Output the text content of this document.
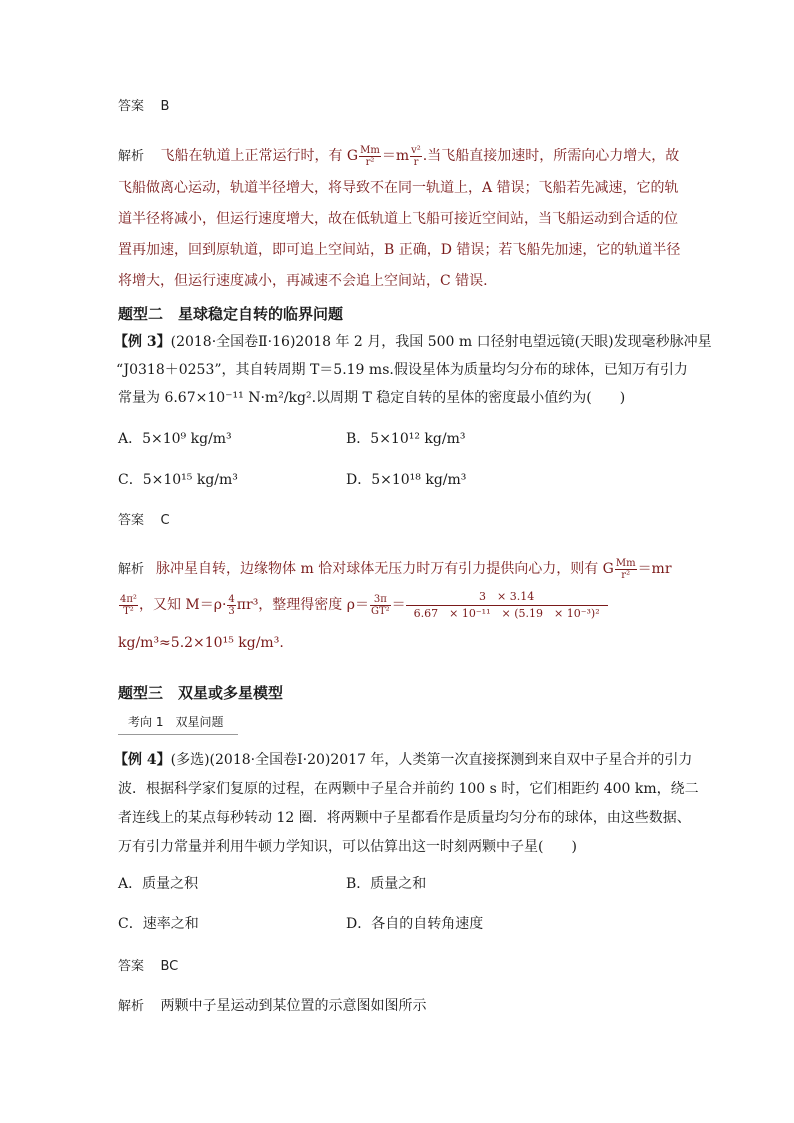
答案 B
解析 飞船在轨道上正常运行时，有 G $\frac{Mm}{\text{r²}} =m \frac{\text{v²}}{r}$ .当飞船直接加速时，所需向心力增大，故
飞船做离心运动，轨道半径增大，将导致不在同一轨道上，A 错误；飞船若先减速，它的轨
道半径将减小，但运行速度增大，故在低轨道上飞船可接近空间站，当飞船运动到合适的位
置再加速，回到原轨道，即可追上空间站，B 正确，D 错误；若飞船先加速，它的轨道半径
将增大，但运行速度减小，再减速不会追上空间站，C 错误.
题型二　星球稳定自转的临界问题
【例 3】(2018·全国卷Ⅱ·16)2018 年 2 月，我国 500 m 口径射电望远镜(天眼)发现毫秒脉冲星
“J0318＋0253”，其自转周期 T＝5.19 ms.假设星体为质量均匀分布的球体，已知万有引力
常量为 6.67×10⁻¹¹ N·m²/kg².以周期 T 稳定自转的星体的密度最小值约为(　　)
A．5×10⁹ kg/m³	B．5×10¹² kg/m³
C．5×10¹⁵ kg/m³	D．5×10¹⁸ kg/m³
答案 C
解析 脉冲星自转，边缘物体 m 恰对球体无压力时万有引力提供向心力，则有 G $\frac{Mm}{\text{r²}} =mr$
$\frac{\text{4π²}}{\text{T²}}$ ，又知 $M=\rho\cdot \frac{4}{3} \pi r^3$，整理得密度 $\rho= \frac{3\pi}{\text{GT²}} = \frac{3 \times 3.14}{\text{6.67　× 10⁻¹¹　× (5.19　× 10⁻³)²}}$
kg/m³≈5.2×10¹⁵ kg/m³.
题型三　双星或多星模型
考向 1　双星问题
【例 4】(多选)(2018·全国卷Ⅰ·20)2017 年，人类第一次直接探测到来自双中子星合并的引力
波．根据科学家们复原的过程，在两颗中子星合并前约 100 s 时，它们相距约 400 km，绕二
者连线上的某点每秒转动 12 圈．将两颗中子星都看作是质量均匀分布的球体，由这些数据、
万有引力常量并利用牛顿力学知识，可以估算出这一时刻两颗中子星(　　)
A．质量之积	B．质量之和
C．速率之和	D．各自的自转角速度
答案 BC
解析 两颗中子星运动到某位置的示意图如图所示
